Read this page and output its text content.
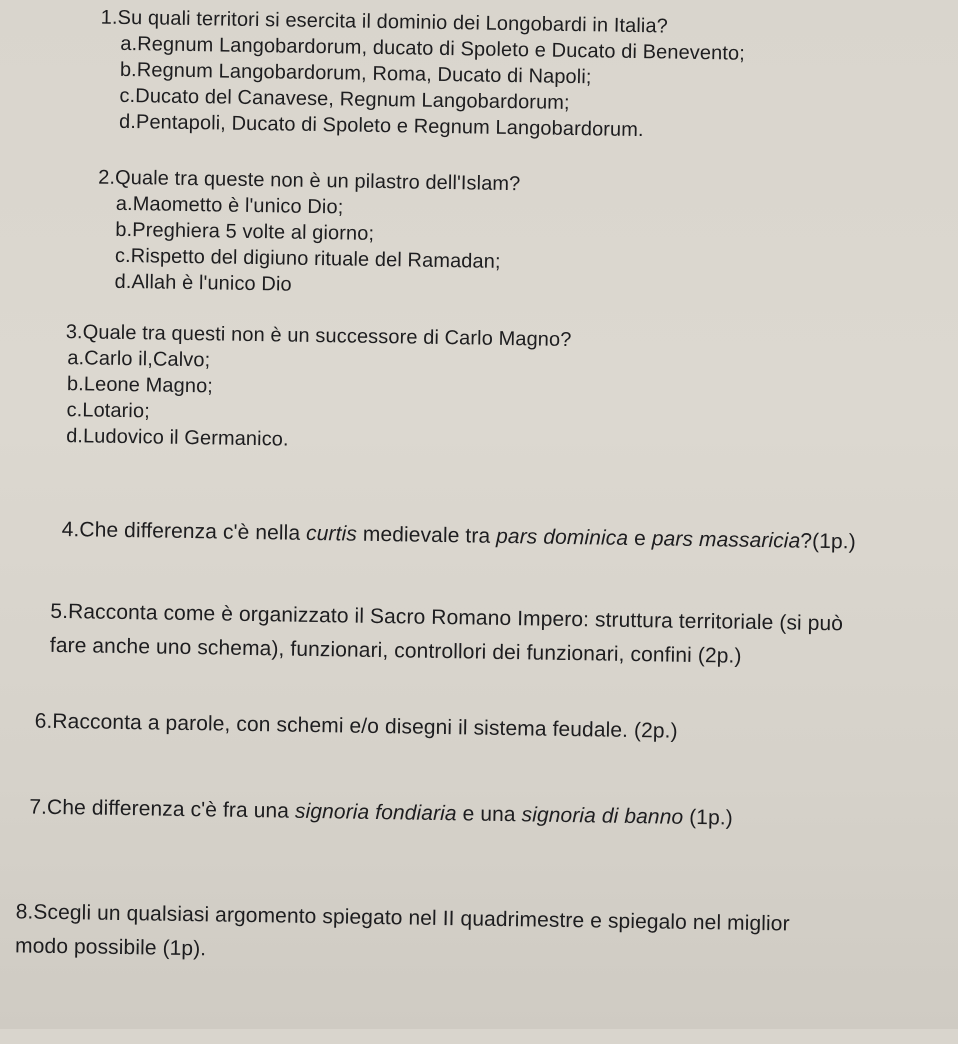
1.Su quali territori si esercita il dominio dei Longobardi in Italia?
a.Regnum Langobardorum, ducato di Spoleto e Ducato di Benevento;
b.Regnum Langobardorum, Roma, Ducato di Napoli;
c.Ducato del Canavese, Regnum Langobardorum;
d.Pentapoli, Ducato di Spoleto e Regnum Langobardorum.
2.Quale tra queste non è un pilastro dell'Islam?
a.Maometto è l'unico Dio;
b.Preghiera 5 volte al giorno;
c.Rispetto del digiuno rituale del Ramadan;
d.Allah è l'unico Dio
3.Quale tra questi non è un successore di Carlo Magno?
a.Carlo il,Calvo;
b.Leone Magno;
c.Lotario;
d.Ludovico il Germanico.
4.Che differenza c'è nella curtis medievale tra pars dominica e pars massaricia?(1p.)
5.Racconta come è organizzato il Sacro Romano Impero: struttura territoriale (si può
fare anche uno schema), funzionari, controllori dei funzionari, confini (2p.)
6.Racconta a parole, con schemi e/o disegni il sistema feudale. (2p.)
7.Che differenza c'è fra una signoria fondiaria e una signoria di banno (1p.)
8.Scegli un qualsiasi argomento spiegato nel II quadrimestre e spiegalo nel miglior
modo possibile (1p).
